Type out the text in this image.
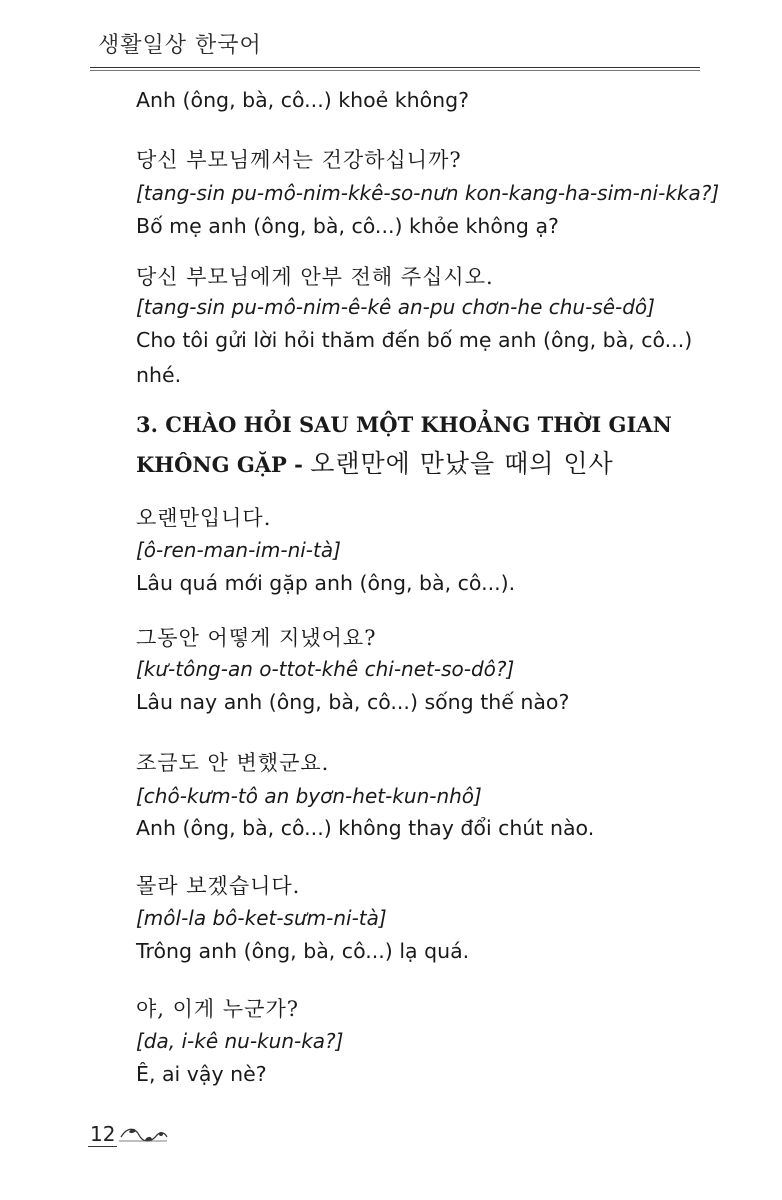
생활일상 한국어
Anh (ông, bà, cô...) khoẻ không?
당신 부모님께서는 건강하십니까?
[tang-sin pu-mô-nim-kkê-so-nưn kon-kang-ha-sim-ni-kka?]
Bố mẹ anh (ông, bà, cô...) khỏe không ạ?
당신 부모님에게 안부 전해 주십시오.
[tang-sin pu-mô-nim-ê-kê an-pu chơn-he chu-sê-dô]
Cho tôi gửi lời hỏi thăm đến bố mẹ anh (ông, bà, cô...)
nhé.
3. CHÀO HỎI SAU MỘT KHOẢNG THỜI GIAN
KHÔNG GẶP - 오랜만에 만났을 때의 인사
오랜만입니다.
[ô-ren-man-im-ni-tà]
Lâu quá mới gặp anh (ông, bà, cô...).
그동안 어떻게 지냈어요?
[kư-tông-an o-ttot-khê chi-net-so-dô?]
Lâu nay anh (ông, bà, cô...) sống thế nào?
조금도 안 변했군요.
[chô-kưm-tô an byơn-het-kun-nhô]
Anh (ông, bà, cô...) không thay đổi chút nào.
몰라 보겠습니다.
[môl-la bô-ket-sưm-ni-tà]
Trông anh (ông, bà, cô...) lạ quá.
야, 이게 누군가?
[da, i-kê nu-kun-ka?]
Ê, ai vậy nè?
12
